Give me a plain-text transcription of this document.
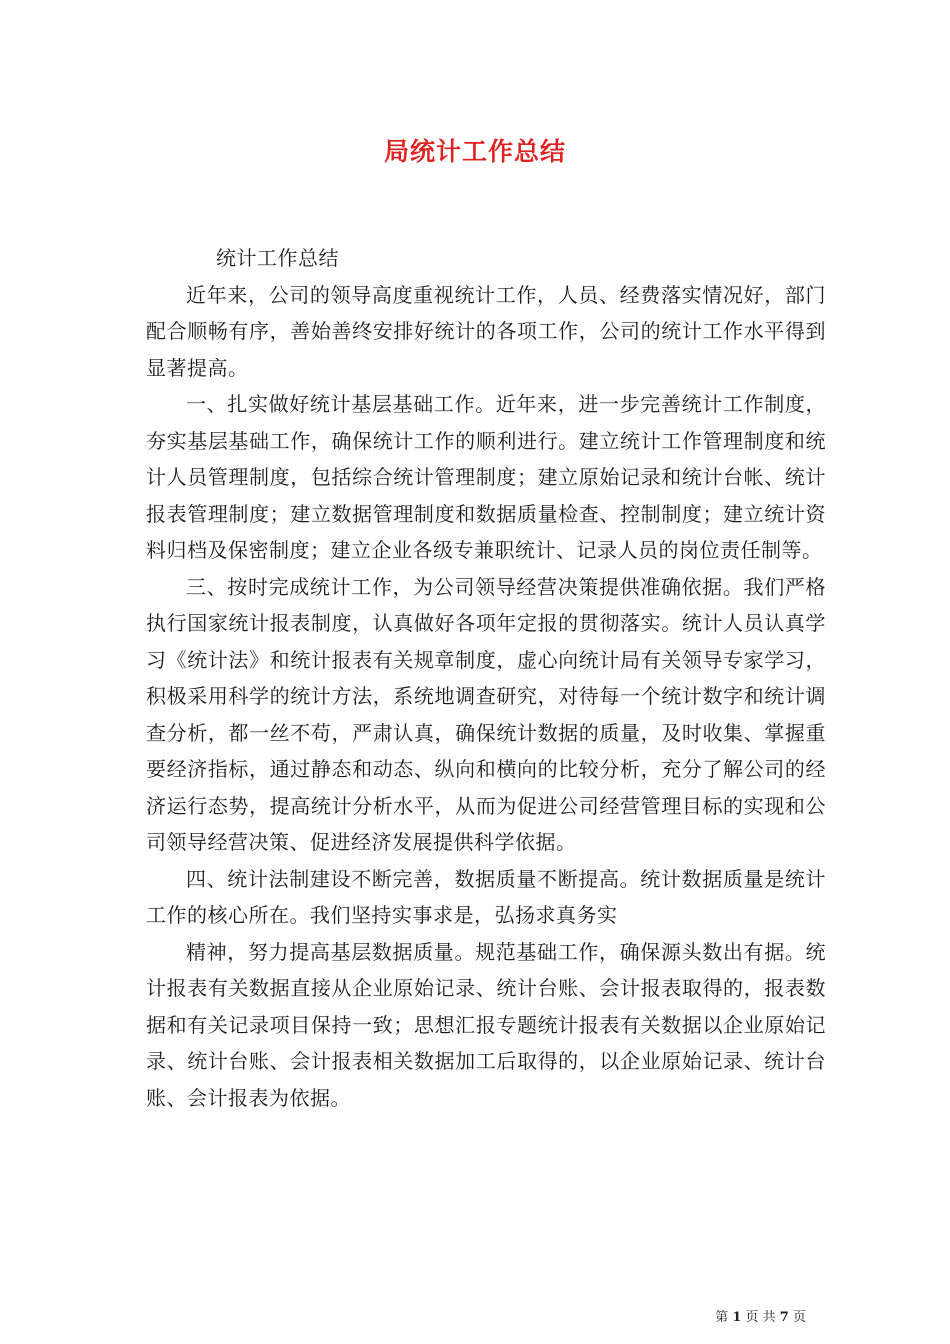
局统计工作总结

统计工作总结

近年来，公司的领导高度重视统计工作，人员、经费落实情况好，部门配合顺畅有序，善始善终安排好统计的各项工作，公司的统计工作水平得到显著提高。

一、扎实做好统计基层基础工作。近年来，进一步完善统计工作制度，夯实基层基础工作，确保统计工作的顺利进行。建立统计工作管理制度和统计人员管理制度，包括综合统计管理制度；建立原始记录和统计台帐、统计报表管理制度；建立数据管理制度和数据质量检查、控制制度；建立统计资料归档及保密制度；建立企业各级专兼职统计、记录人员的岗位责任制等。

三、按时完成统计工作，为公司领导经营决策提供准确依据。我们严格执行国家统计报表制度，认真做好各项年定报的贯彻落实。统计人员认真学习《统计法》和统计报表有关规章制度，虚心向统计局有关领导专家学习，积极采用科学的统计方法，系统地调查研究，对待每一个统计数字和统计调查分析，都一丝不苟，严肃认真，确保统计数据的质量，及时收集、掌握重要经济指标，通过静态和动态、纵向和横向的比较分析，充分了解公司的经济运行态势，提高统计分析水平，从而为促进公司经营管理目标的实现和公司领导经营决策、促进经济发展提供科学依据。

四、统计法制建设不断完善，数据质量不断提高。统计数据质量是统计工作的核心所在。我们坚持实事求是，弘扬求真务实

精神，努力提高基层数据质量。规范基础工作，确保源头数出有据。统计报表有关数据直接从企业原始记录、统计台账、会计报表取得的，报表数据和有关记录项目保持一致；思想汇报专题统计报表有关数据以企业原始记录、统计台账、会计报表相关数据加工后取得的，以企业原始记录、统计台账、会计报表为依据。

第 1 页 共 7 页
